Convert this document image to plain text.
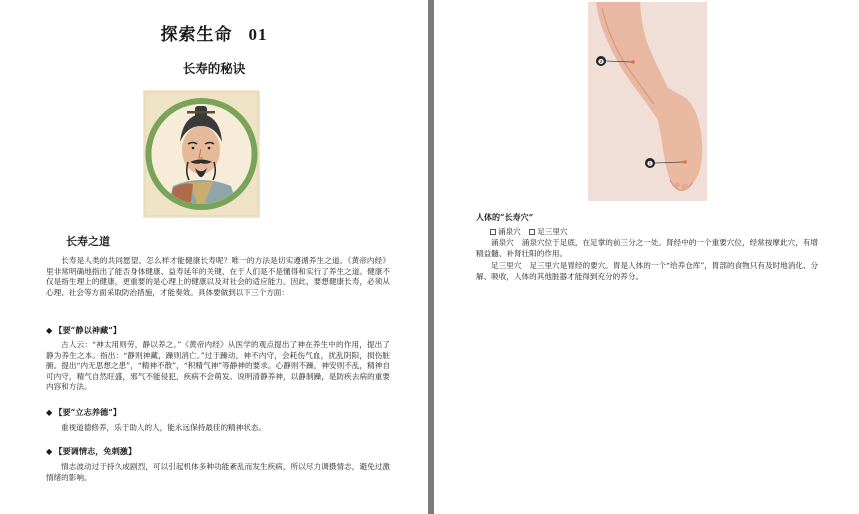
探索生命 01
长寿的秘诀
长寿之道

长寿是人类的共同愿望。怎么样才能健康长寿呢？唯一的方法是切实遵循养生之道。《黄帝内经》里非常明确地指出了能否身体健康、益寿延年的关键，在于人们是不是懂得和实行了养生之道。健康不仅是指生理上的健康，更重要的是心理上的健康以及对社会的适应能力。因此，要想健康长寿，必须从心理、社会等方面采取防治措施，才能奏效。具体要做到以下三个方面：

◆ 【要“静以神藏”】

古人云：“神太用则劳，静以养之。”《黄帝内经》从医学的观点提出了神在养生中的作用，提出了静为养生之本。指出：“静则神藏，躁则消亡。”过于躁动，神不内守，会耗伤气血，扰乱阴阳，损伤脏腑。提出“内无思想之患”，“精神不散”，“积精气神”等静神的要求。心静则不躁，神安则不乱，精神自可内守，精气自然旺盛，邪气不能侵犯，疾病不会萌发。说明清静养神，以静制躁，是防疾去病的重要内容和方法。

◆ 【要“立志养德”】

重视道德修养，乐于助人的人，能永远保持最佳的精神状态。

◆ 【要调情志，免刺激】

情志波动过于持久或剧烈，可以引起机体多种功能紊乱而发生疾病，所以尽力调摄情志，避免过激情绪的影响。

❷
❶
人体的“长寿穴”
涌泉穴 足三里穴

涌泉穴 涌泉穴位于足底，在足掌的前三分之一处。肾经中的一个重要穴位，经常按摩此穴，有增精益髓、补肾壮阳的作用。

足三里穴 足三里穴是胃经的要穴。胃是人体的一个“给养仓库”，胃部的食物只有及时地消化、分解、吸收，人体的其他脏器才能得到充分的养分。
